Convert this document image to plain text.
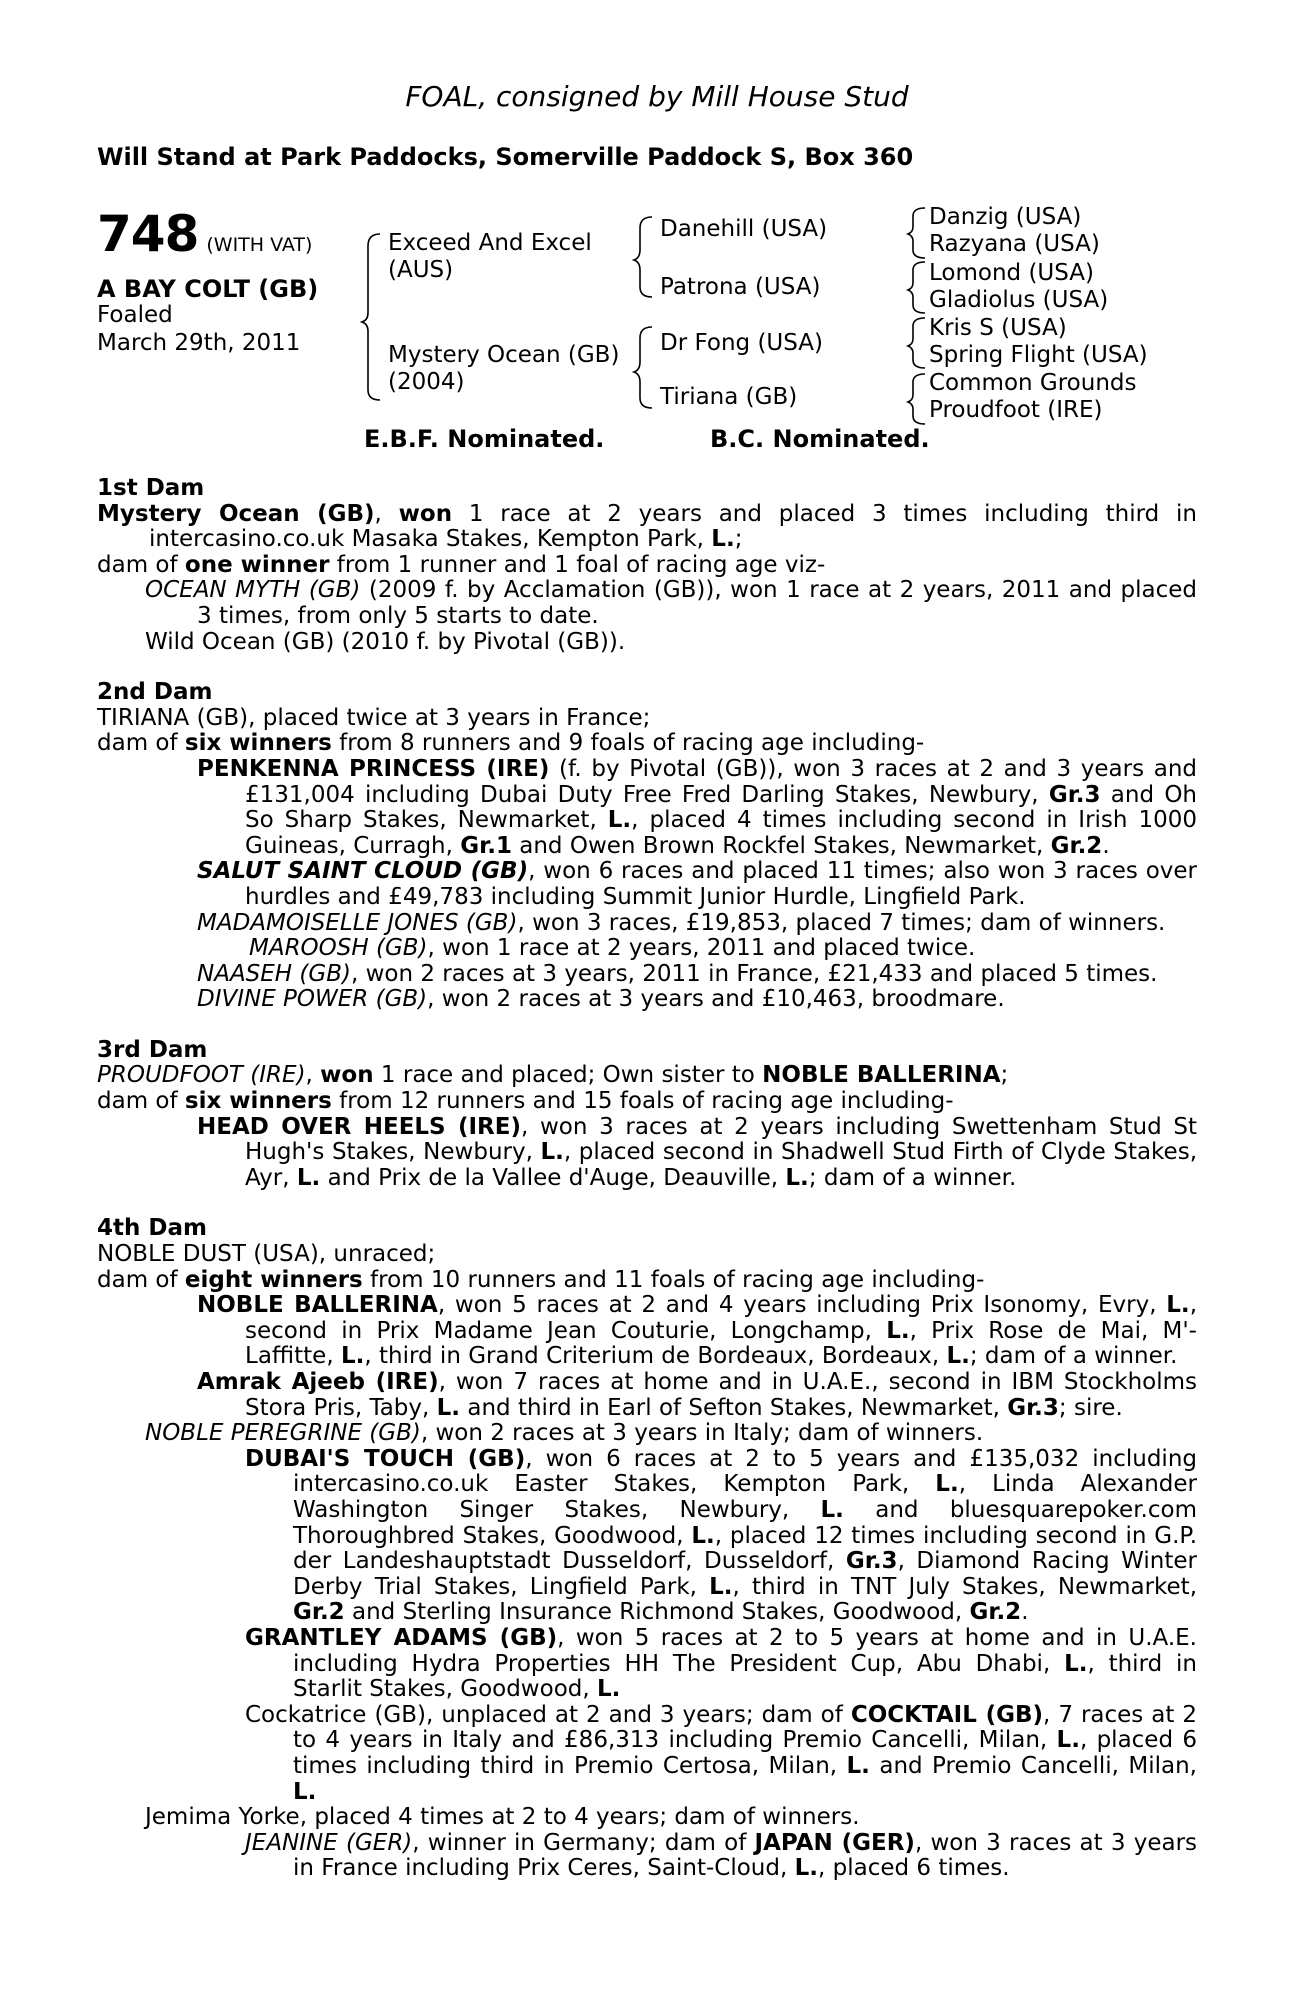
FOAL, consigned by Mill House Stud
Will Stand at Park Paddocks, Somerville Paddock S, Box 360
748 (WITH VAT)
A BAY COLT (GB)
Foaled
March 29th, 2011
Exceed And Excel
(AUS)
Mystery Ocean (GB)
(2004)
Danehill (USA)
Patrona (USA)
Dr Fong (USA)
Tiriana (GB)
Danzig (USA)
Razyana (USA)
Lomond (USA)
Gladiolus (USA)
Kris S (USA)
Spring Flight (USA)
Common Grounds
Proudfoot (IRE)
E.B.F. Nominated.	B.C. Nominated.

1st Dam

Mystery Ocean (GB), won 1 race at 2 years and placed 3 times including third in intercasino.co.uk Masaka Stakes, Kempton Park, L.;

dam of one winner from 1 runner and 1 foal of racing age viz-

OCEAN MYTH (GB) (2009 f. by Acclamation (GB)), won 1 race at 2 years, 2011 and placed 3 times, from only 5 starts to date.

Wild Ocean (GB) (2010 f. by Pivotal (GB)).

2nd Dam

TIRIANA (GB), placed twice at 3 years in France;

dam of six winners from 8 runners and 9 foals of racing age including-

PENKENNA PRINCESS (IRE) (f. by Pivotal (GB)), won 3 races at 2 and 3 years and £131,004 including Dubai Duty Free Fred Darling Stakes, Newbury, Gr.3 and Oh So Sharp Stakes, Newmarket, L., placed 4 times including second in Irish 1000 Guineas, Curragh, Gr.1 and Owen Brown Rockfel Stakes, Newmarket, Gr.2.

SALUT SAINT CLOUD (GB), won 6 races and placed 11 times; also won 3 races over hurdles and £49,783 including Summit Junior Hurdle, Lingfield Park.

MADAMOISELLE JONES (GB), won 3 races, £19,853, placed 7 times; dam of winners.

MAROOSH (GB), won 1 race at 2 years, 2011 and placed twice.

NAASEH (GB), won 2 races at 3 years, 2011 in France, £21,433 and placed 5 times.

DIVINE POWER (GB), won 2 races at 3 years and £10,463, broodmare.

3rd Dam

PROUDFOOT (IRE), won 1 race and placed; Own sister to NOBLE BALLERINA;

dam of six winners from 12 runners and 15 foals of racing age including-

HEAD OVER HEELS (IRE), won 3 races at 2 years including Swettenham Stud St Hugh's Stakes, Newbury, L., placed second in Shadwell Stud Firth of Clyde Stakes, Ayr, L. and Prix de la Vallee d'Auge, Deauville, L.; dam of a winner.

4th Dam

NOBLE DUST (USA), unraced;

dam of eight winners from 10 runners and 11 foals of racing age including-

NOBLE BALLERINA, won 5 races at 2 and 4 years including Prix Isonomy, Evry, L., second in Prix Madame Jean Couturie, Longchamp, L., Prix Rose de Mai, M'-Laffitte, L., third in Grand Criterium de Bordeaux, Bordeaux, L.; dam of a winner.

Amrak Ajeeb (IRE), won 7 races at home and in U.A.E., second in IBM Stockholms Stora Pris, Taby, L. and third in Earl of Sefton Stakes, Newmarket, Gr.3; sire.

NOBLE PEREGRINE (GB), won 2 races at 3 years in Italy; dam of winners.

DUBAI'S TOUCH (GB), won 6 races at 2 to 5 years and £135,032 including intercasino.co.uk Easter Stakes, Kempton Park, L., Linda Alexander Washington Singer Stakes, Newbury, L. and bluesquarepoker.com Thoroughbred Stakes, Goodwood, L., placed 12 times including second in G.P. der Landeshauptstadt Dusseldorf, Dusseldorf, Gr.3, Diamond Racing Winter Derby Trial Stakes, Lingfield Park, L., third in TNT July Stakes, Newmarket, Gr.2 and Sterling Insurance Richmond Stakes, Goodwood, Gr.2.

GRANTLEY ADAMS (GB), won 5 races at 2 to 5 years at home and in U.A.E. including Hydra Properties HH The President Cup, Abu Dhabi, L., third in Starlit Stakes, Goodwood, L.

Cockatrice (GB), unplaced at 2 and 3 years; dam of COCKTAIL (GB), 7 races at 2 to 4 years in Italy and £86,313 including Premio Cancelli, Milan, L., placed 6 times including third in Premio Certosa, Milan, L. and Premio Cancelli, Milan, L.

Jemima Yorke, placed 4 times at 2 to 4 years; dam of winners.

JEANINE (GER), winner in Germany; dam of JAPAN (GER), won 3 races at 3 years in France including Prix Ceres, Saint-Cloud, L., placed 6 times.
